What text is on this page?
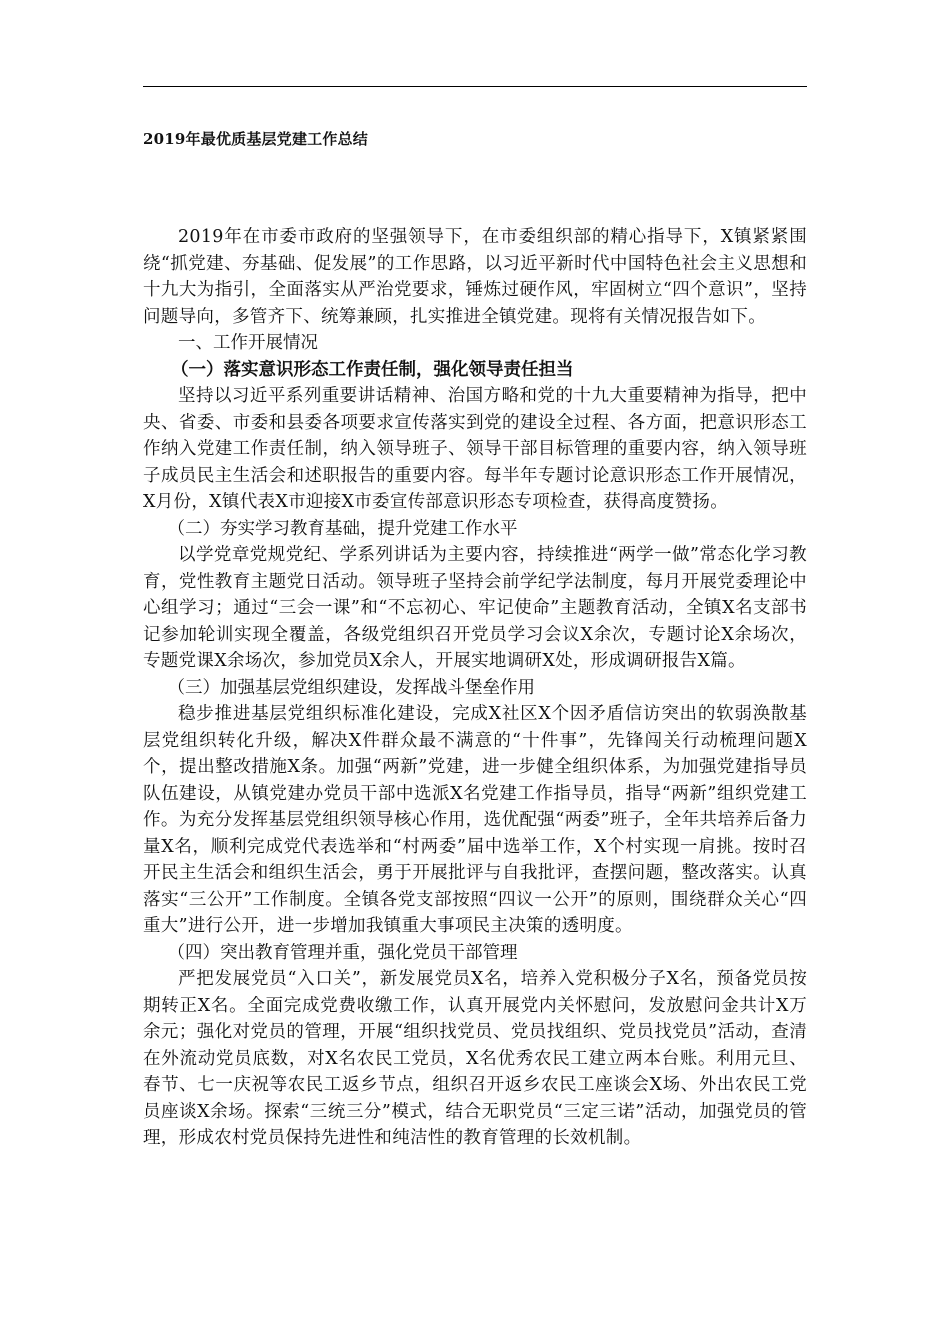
2019年最优质基层党建工作总结

2019年在市委市政府的坚强领导下，在市委组织部的精心指导下，X镇紧紧围绕“抓党建、夯基础、促发展”的工作思路，以习近平新时代中国特色社会主义思想和十九大为指引，全面落实从严治党要求，锤炼过硬作风，牢固树立“四个意识”，坚持问题导向，多管齐下、统筹兼顾，扎实推进全镇党建。现将有关情况报告如下。

一、工作开展情况

（一）落实意识形态工作责任制，强化领导责任担当

坚持以习近平系列重要讲话精神、治国方略和党的十九大重要精神为指导，把中央、省委、市委和县委各项要求宣传落实到党的建设全过程、各方面，把意识形态工作纳入党建工作责任制，纳入领导班子、领导干部目标管理的重要内容，纳入领导班子成员民主生活会和述职报告的重要内容。每半年专题讨论意识形态工作开展情况，X月份，X镇代表X市迎接X市委宣传部意识形态专项检查，获得高度赞扬。

（二）夯实学习教育基础，提升党建工作水平

以学党章党规党纪、学系列讲话为主要内容，持续推进“两学一做”常态化学习教育，党性教育主题党日活动。领导班子坚持会前学纪学法制度，每月开展党委理论中心组学习；通过“三会一课”和“不忘初心、牢记使命”主题教育活动，全镇X名支部书记参加轮训实现全覆盖，各级党组织召开党员学习会议X余次，专题讨论X余场次，专题党课X余场次，参加党员X余人，开展实地调研X处，形成调研报告X篇。

（三）加强基层党组织建设，发挥战斗堡垒作用

稳步推进基层党组织标准化建设，完成X社区X个因矛盾信访突出的软弱涣散基层党组织转化升级，解决X件群众最不满意的“十件事”，先锋闯关行动梳理问题X个，提出整改措施X条。加强“两新”党建，进一步健全组织体系，为加强党建指导员队伍建设，从镇党建办党员干部中选派X名党建工作指导员，指导“两新”组织党建工作。为充分发挥基层党组织领导核心作用，选优配强“两委”班子，全年共培养后备力量X名，顺利完成党代表选举和“村两委”届中选举工作，X个村实现一肩挑。按时召开民主生活会和组织生活会，勇于开展批评与自我批评，查摆问题，整改落实。认真落实“三公开”工作制度。全镇各党支部按照“四议一公开”的原则，围绕群众关心“四重大”进行公开，进一步增加我镇重大事项民主决策的透明度。

（四）突出教育管理并重，强化党员干部管理

严把发展党员“入口关”，新发展党员X名，培养入党积极分子X名，预备党员按期转正X名。全面完成党费收缴工作，认真开展党内关怀慰问，发放慰问金共计X万余元；强化对党员的管理，开展“组织找党员、党员找组织、党员找党员”活动，查清在外流动党员底数，对X名农民工党员，X名优秀农民工建立两本台账。利用元旦、春节、七一庆祝等农民工返乡节点，组织召开返乡农民工座谈会X场、外出农民工党员座谈X余场。探索“三统三分”模式，结合无职党员“三定三诺”活动，加强党员的管理，形成农村党员保持先进性和纯洁性的教育管理的长效机制。
